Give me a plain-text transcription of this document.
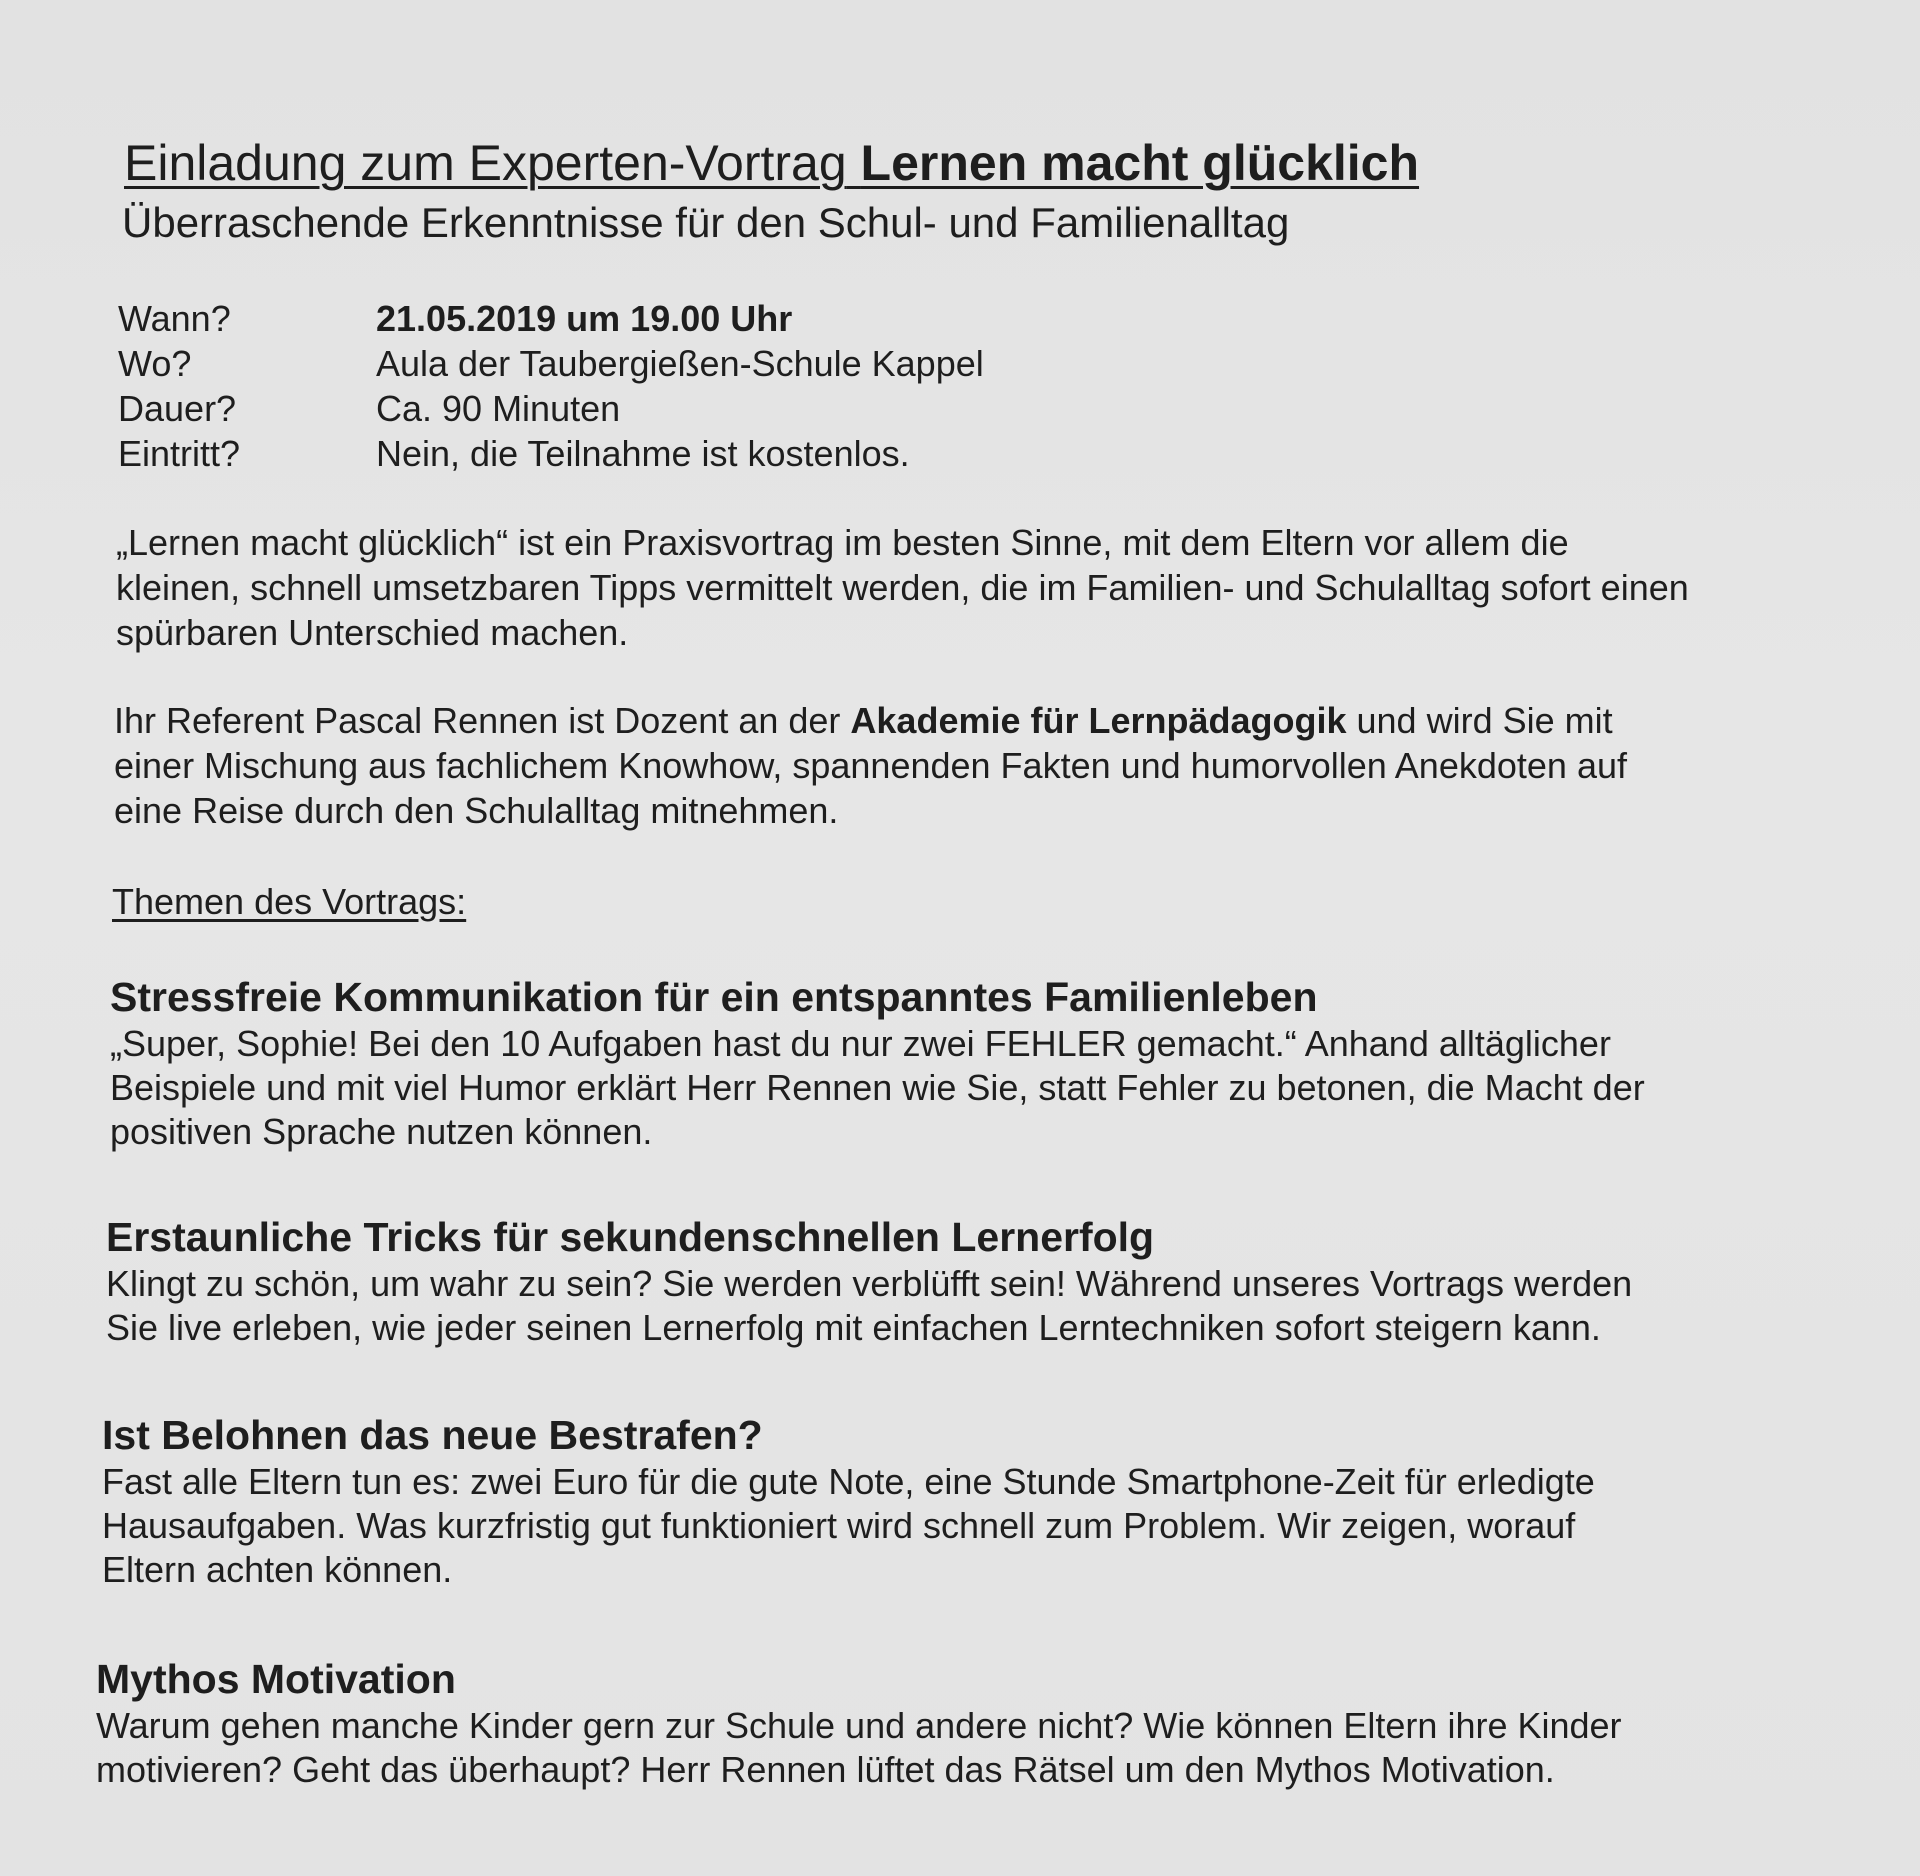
Einladung zum Experten-Vortrag Lernen macht glücklich
Überraschende Erkenntnisse für den Schul- und Familienalltag
Wann?	21.05.2019 um 19.00 Uhr
Wo?	Aula der Taubergießen-Schule Kappel
Dauer?	Ca. 90 Minuten
Eintritt?	Nein, die Teilnahme ist kostenlos.
„Lernen macht glücklich“ ist ein Praxisvortrag im besten Sinne, mit dem Eltern vor allem die
kleinen, schnell umsetzbaren Tipps vermittelt werden, die im Familien- und Schulalltag sofort einen
spürbaren Unterschied machen.
Ihr Referent Pascal Rennen ist Dozent an der Akademie für Lernpädagogik und wird Sie mit
einer Mischung aus fachlichem Knowhow, spannenden Fakten und humorvollen Anekdoten auf
eine Reise durch den Schulalltag mitnehmen.
Themen des Vortrags:
Stressfreie Kommunikation für ein entspanntes Familienleben
„Super, Sophie! Bei den 10 Aufgaben hast du nur zwei FEHLER gemacht.“ Anhand alltäglicher
Beispiele und mit viel Humor erklärt Herr Rennen wie Sie, statt Fehler zu betonen, die Macht der
positiven Sprache nutzen können.
Erstaunliche Tricks für sekundenschnellen Lernerfolg
Klingt zu schön, um wahr zu sein? Sie werden verblüfft sein! Während unseres Vortrags werden
Sie live erleben, wie jeder seinen Lernerfolg mit einfachen Lerntechniken sofort steigern kann.
Ist Belohnen das neue Bestrafen?
Fast alle Eltern tun es: zwei Euro für die gute Note, eine Stunde Smartphone-Zeit für erledigte
Hausaufgaben. Was kurzfristig gut funktioniert wird schnell zum Problem. Wir zeigen, worauf
Eltern achten können.
Mythos Motivation
Warum gehen manche Kinder gern zur Schule und andere nicht? Wie können Eltern ihre Kinder
motivieren? Geht das überhaupt? Herr Rennen lüftet das Rätsel um den Mythos Motivation.
